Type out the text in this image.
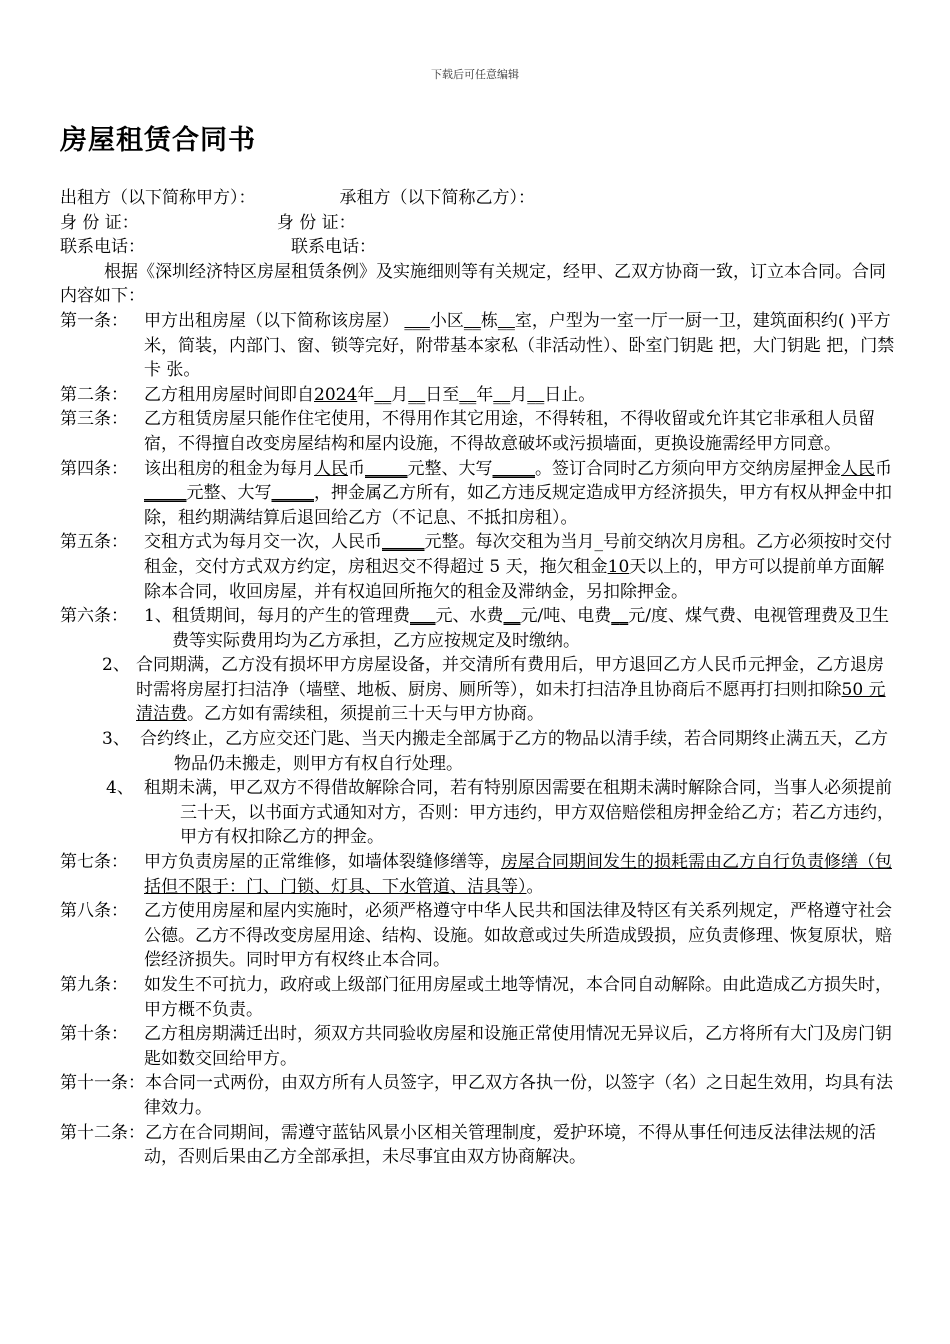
下载后可任意编辑
房屋租赁合同书

出租方（以下简称甲方）：	承租方（以下简称乙方）：

身 份 证：	身 份 证：

联系电话：	联系电话：

根据《深圳经济特区房屋租赁条例》及实施细则等有关规定，经甲、乙双方协商一致，订立本合同。合同内容如下：

第一条： 甲方出租房屋（以下简称该房屋） ___小区__栋__室，户型为一室一厅一厨一卫，建筑面积约( )平方米，简装，内部门、窗、锁等完好，附带基本家私（非活动性）、卧室门钥匙 把，大门钥匙 把，门禁卡 张。
第二条： 乙方租用房屋时间即自2024年__月__日至__年__月__日止。
第三条： 乙方租赁房屋只能作住宅使用，不得用作其它用途，不得转租，不得收留或允许其它非承租人员留宿，不得擅自改变房屋结构和屋内设施，不得故意破坏或污损墙面，更换设施需经甲方同意。
第四条： 该出租房的租金为每月人民币_____元整、大写_____。签订合同时乙方须向甲方交纳房屋押金人民币_____元整、大写_____，押金属乙方所有，如乙方违反规定造成甲方经济损失，甲方有权从押金中扣除，租约期满结算后退回给乙方（不记息、不抵扣房租）。
第五条： 交租方式为每月交一次，人民币_____元整。每次交租为当月_号前交纳次月房租。乙方必须按时交付租金，交付方式双方约定，房租迟交不得超过 5 天，拖欠租金10天以上的，甲方可以提前单方面解除本合同，收回房屋，并有权追回所拖欠的租金及滞纳金，另扣除押金。
第六条： 1、 租赁期间，每月的产生的管理费___元、水费__元/吨、电费__元/度、煤气费、电视管理费及卫生费等实际费用均为乙方承担，乙方应按规定及时缴纳。
2、 合同期满，乙方没有损坏甲方房屋设备，并交清所有费用后，甲方退回乙方人民币元押金，乙方退房时需将房屋打扫洁净（墙壁、地板、厨房、厕所等），如未打扫洁净且协商后不愿再打扫则扣除50 元清洁费。乙方如有需续租，须提前三十天与甲方协商。
3、 合约终止，乙方应交还门匙、当天内搬走全部属于乙方的物品以清手续，若合同期终止满五天，乙方物品仍未搬走，则甲方有权自行处理。
4、 租期未满，甲乙双方不得借故解除合同，若有特别原因需要在租期未满时解除合同，当事人必须提前三十天，以书面方式通知对方，否则：甲方违约，甲方双倍赔偿租房押金给乙方；若乙方违约，甲方有权扣除乙方的押金。
第七条： 甲方负责房屋的正常维修，如墙体裂缝修缮等，房屋合同期间发生的损耗需由乙方自行负责修缮（包括但不限于：门、门锁、灯具、下水管道、洁具等）。
第八条： 乙方使用房屋和屋内实施时，必须严格遵守中华人民共和国法律及特区有关系列规定，严格遵守社会公德。乙方不得改变房屋用途、结构、设施。如故意或过失所造成毁损，应负责修理、恢复原状，赔偿经济损失。同时甲方有权终止本合同。
第九条： 如发生不可抗力，政府或上级部门征用房屋或土地等情况，本合同自动解除。由此造成乙方损失时，甲方概不负责。
第十条： 乙方租房期满迁出时，须双方共同验收房屋和设施正常使用情况无异议后，乙方将所有大门及房门钥匙如数交回给甲方。
第十一条：本合同一式两份，由双方所有人员签字，甲乙双方各执一份，以签字（名）之日起生效用，均具有法律效力。
第十二条：乙方在合同期间，需遵守蓝钻风景小区相关管理制度，爱护环境，不得从事任何违反法律法规的活动，否则后果由乙方全部承担，未尽事宜由双方协商解决。
